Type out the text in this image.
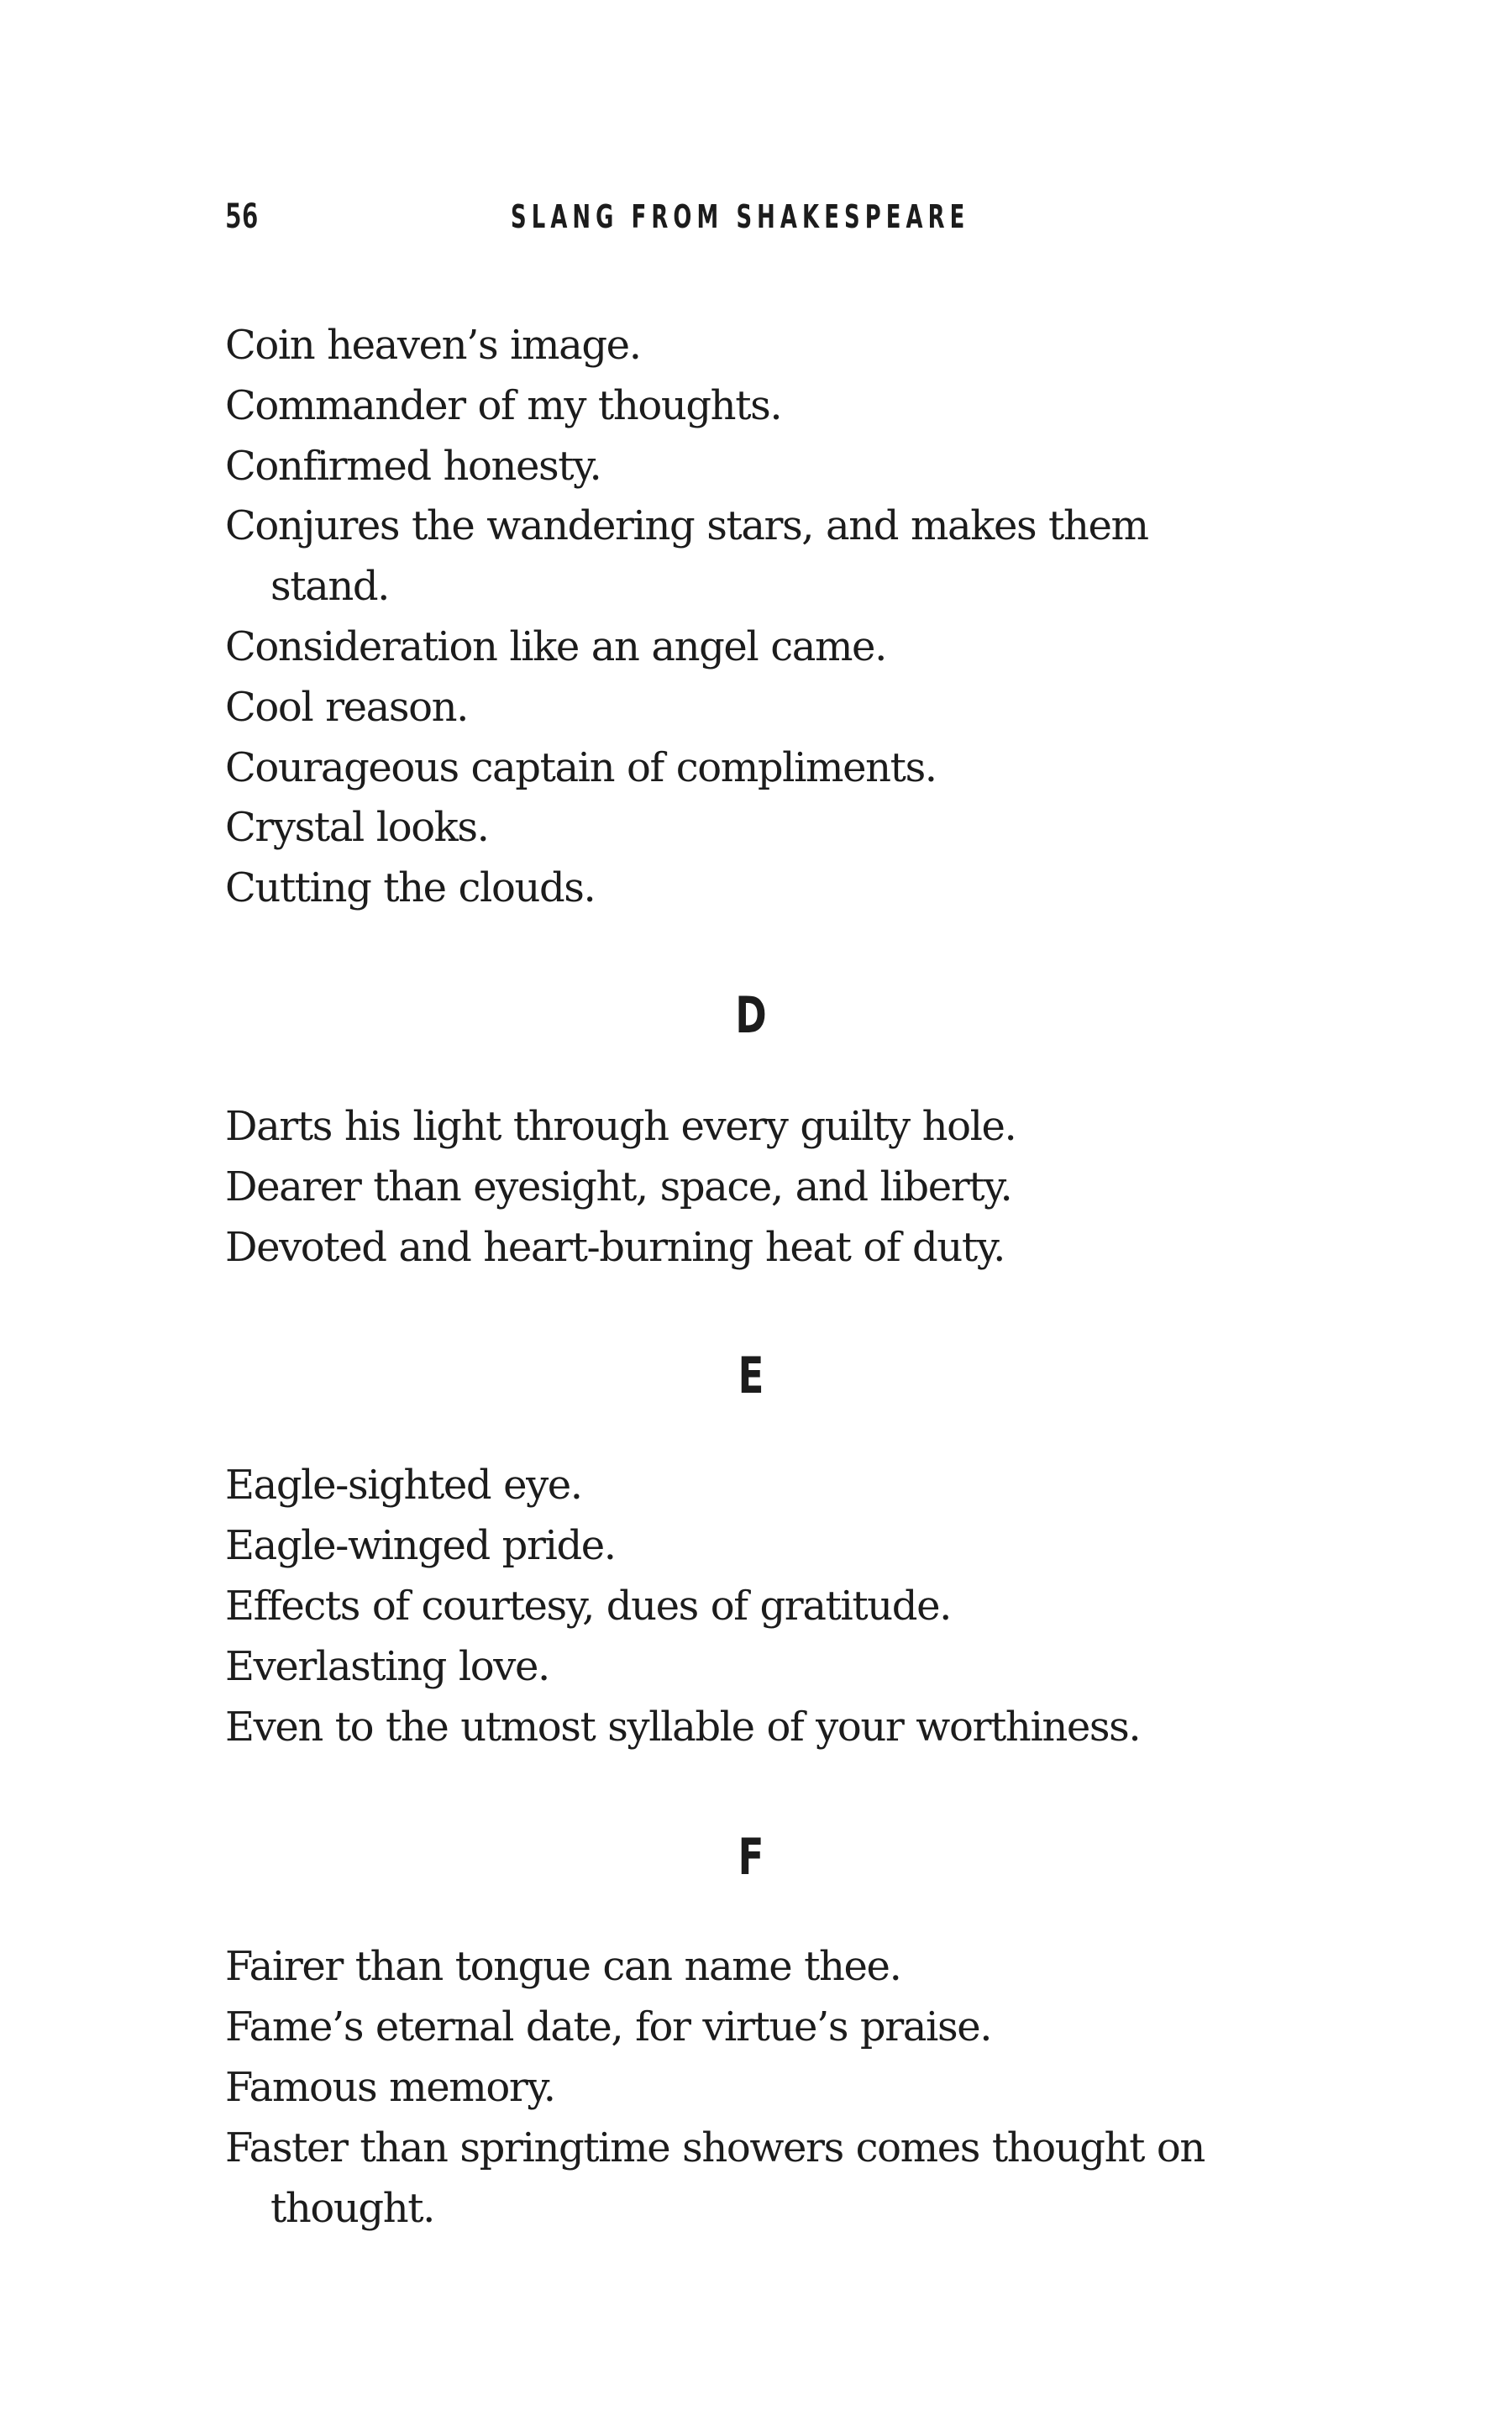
56	SLANG FROM SHAKESPEARE

Coin heaven’s image.

Commander of my thoughts.

Confirmed honesty.

Conjures the wandering stars, and makes them stand.

Consideration like an angel came.

Cool reason.

Courageous captain of compliments.

Crystal looks.

Cutting the clouds.

D

Darts his light through every guilty hole.

Dearer than eyesight, space, and liberty.

Devoted and heart-burning heat of duty.

E

Eagle-sighted eye.

Eagle-winged pride.

Effects of courtesy, dues of gratitude.

Everlasting love.

Even to the utmost syllable of your worthiness.

F

Fairer than tongue can name thee.

Fame’s eternal date, for virtue’s praise.

Famous memory.

Faster than springtime showers comes thought on thought.
